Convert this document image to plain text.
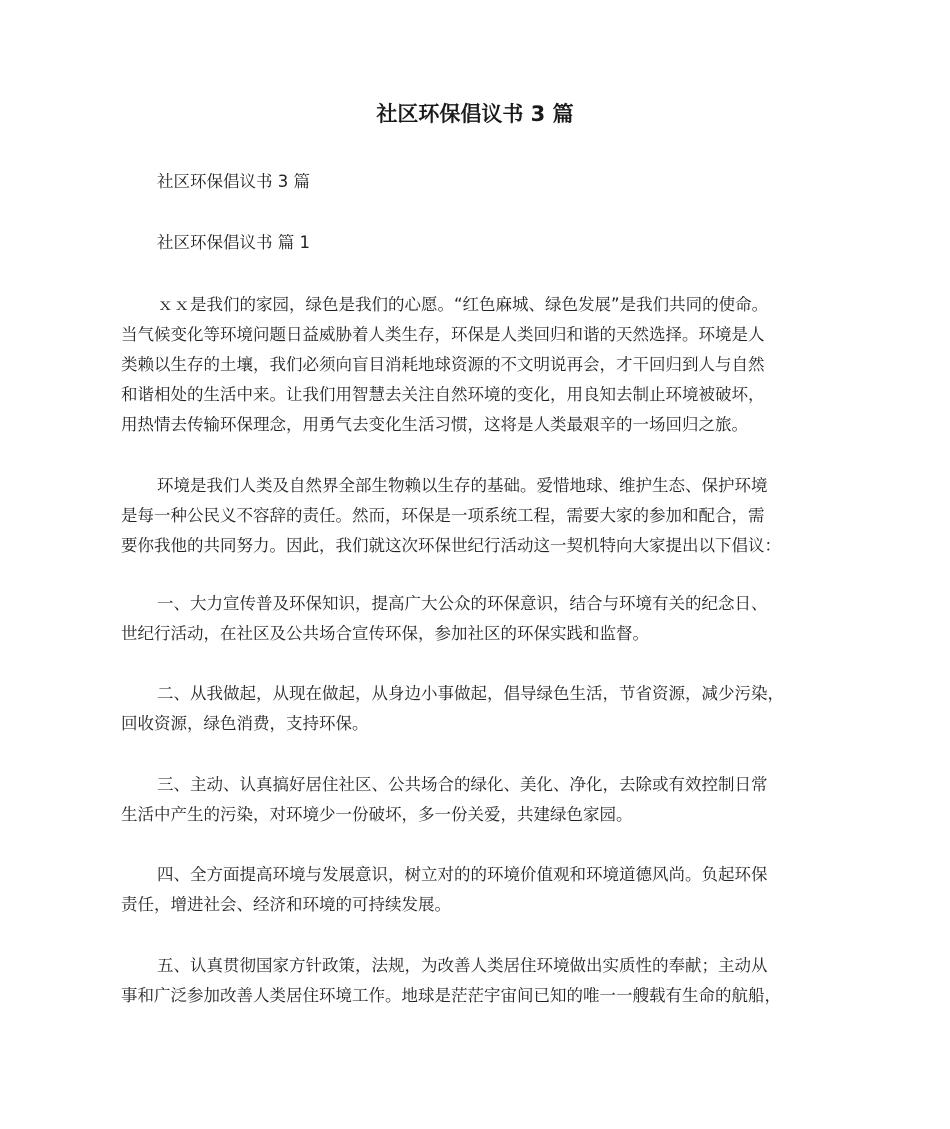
社区环保倡议书 3 篇
社区环保倡议书 3 篇
社区环保倡议书 篇 1
ｘｘ是我们的家园，绿色是我们的心愿。“红色麻城、绿色发展”是我们共同的使命。
当气候变化等环境问题日益威胁着人类生存，环保是人类回归和谐的天然选择。环境是人
类赖以生存的土壤，我们必须向盲目消耗地球资源的不文明说再会，才干回归到人与自然
和谐相处的生活中来。让我们用智慧去关注自然环境的变化，用良知去制止环境被破坏，
用热情去传输环保理念，用勇气去变化生活习惯，这将是人类最艰辛的一场回归之旅。
环境是我们人类及自然界全部生物赖以生存的基础。爱惜地球、维护生态、保护环境
是每一种公民义不容辞的责任。然而，环保是一项系统工程，需要大家的参加和配合，需
要你我他的共同努力。因此，我们就这次环保世纪行活动这一契机特向大家提出以下倡议：
一、大力宣传普及环保知识，提高广大公众的环保意识，结合与环境有关的纪念日、
世纪行活动，在社区及公共场合宣传环保，参加社区的环保实践和监督。
二、从我做起，从现在做起，从身边小事做起，倡导绿色生活，节省资源，减少污染，
回收资源，绿色消费，支持环保。
三、主动、认真搞好居住社区、公共场合的绿化、美化、净化，去除或有效控制日常
生活中产生的污染，对环境少一份破坏，多一份关爱，共建绿色家园。
四、全方面提高环境与发展意识，树立对的的环境价值观和环境道德风尚。负起环保
责任，增进社会、经济和环境的可持续发展。
五、认真贯彻国家方针政策，法规，为改善人类居住环境做出实质性的奉献；主动从
事和广泛参加改善人类居住环境工作。地球是茫茫宇宙间已知的唯一一艘载有生命的航船，
